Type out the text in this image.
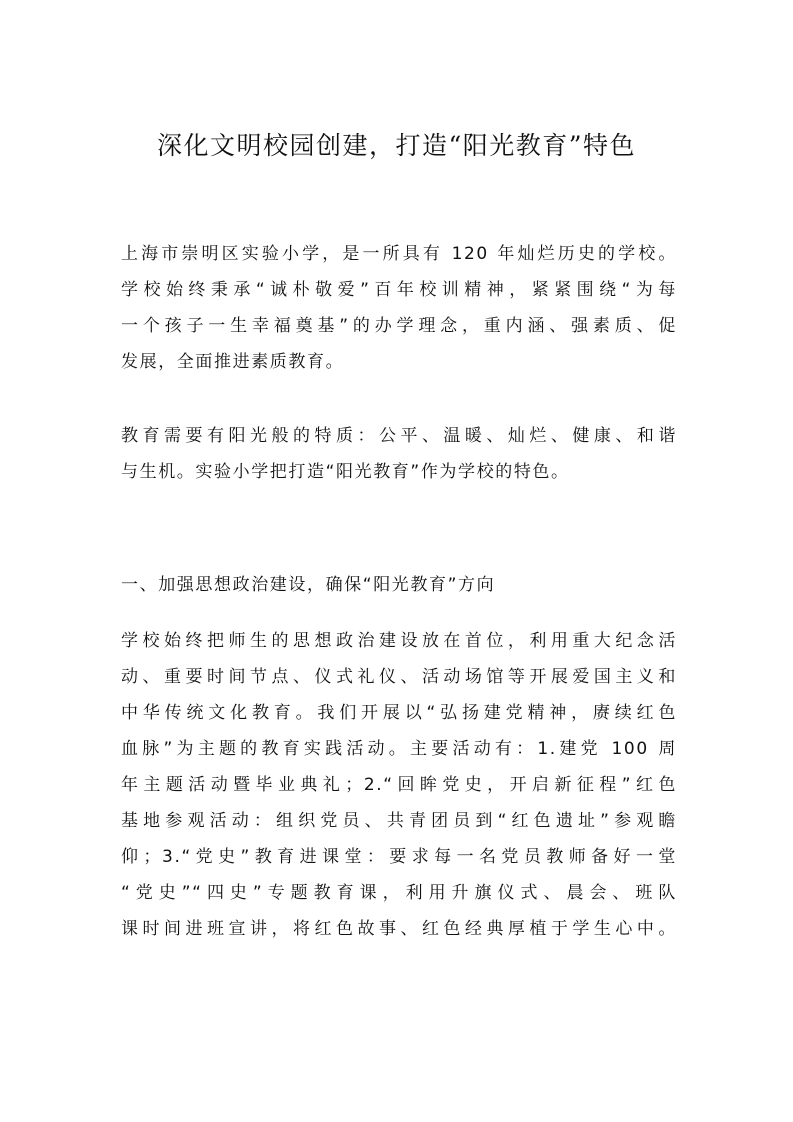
深化文明校园创建，打造“阳光教育”特色
上海市崇明区实验小学，是一所具有 120 年灿烂历史的学校。
学校始终秉承“诚朴敬爱”百年校训精神，紧紧围绕“为每
一个孩子一生幸福奠基”的办学理念，重内涵、强素质、促
发展，全面推进素质教育。
教育需要有阳光般的特质：公平、温暖、灿烂、健康、和谐
与生机。实验小学把打造“阳光教育”作为学校的特色。
一、加强思想政治建设，确保“阳光教育”方向
学校始终把师生的思想政治建设放在首位，利用重大纪念活
动、重要时间节点、仪式礼仪、活动场馆等开展爱国主义和
中华传统文化教育。我们开展以“弘扬建党精神，赓续红色
血脉”为主题的教育实践活动。主要活动有：1.建党 100 周
年主题活动暨毕业典礼；2.“回眸党史，开启新征程”红色
基地参观活动：组织党员、共青团员到“红色遗址”参观瞻
仰；3.“党史”教育进课堂：要求每一名党员教师备好一堂
“党史”“四史”专题教育课，利用升旗仪式、晨会、班队
课时间进班宣讲，将红色故事、红色经典厚植于学生心中。
